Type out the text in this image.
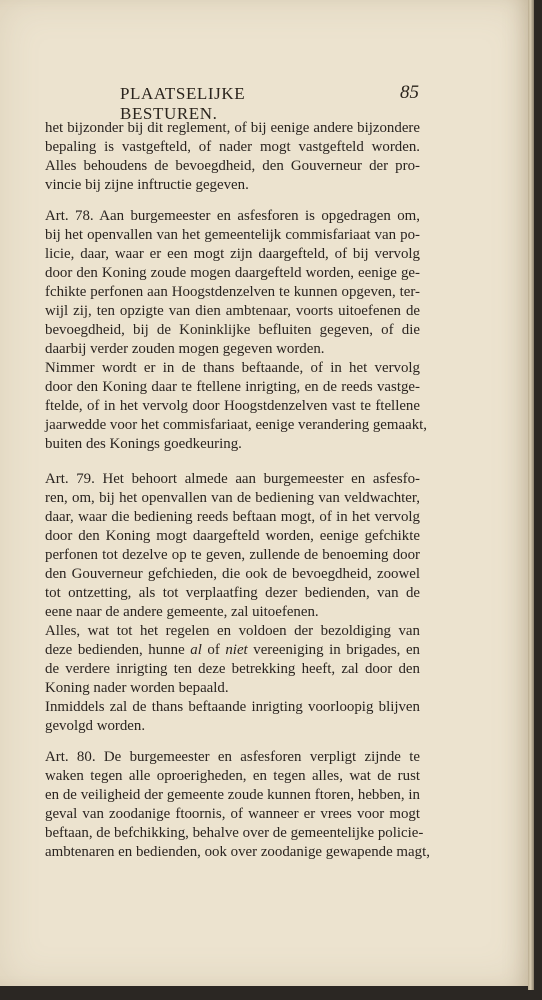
PLAATSELIJKE BESTUREN.
85
het bijzonder bij dit reglement, of bij eenige andere bijzondere
bepaling is vastgefteld, of nader mogt vastgefteld worden.
Alles behoudens de bevoegdheid, den Gouverneur der pro-
vincie bij zijne inftructie gegeven.
Art. 78. Aan burgemeester en asfesforen is opgedragen om,
bij het openvallen van het gemeentelijk commisfariaat van po-
licie, daar, waar er een mogt zijn daargefteld, of bij vervolg
door den Koning zoude mogen daargefteld worden, eenige ge-
fchikte perfonen aan Hoogstdenzelven te kunnen opgeven, ter-
wijl zij, ten opzigte van dien ambtenaar, voorts uitoefenen de
bevoegdheid, bij de Koninklijke befluiten gegeven, of die
daarbij verder zouden mogen gegeven worden.
Nimmer wordt er in de thans beftaande, of in het vervolg
door den Koning daar te ftellene inrigting, en de reeds vastge-
ftelde, of in het vervolg door Hoogstdenzelven vast te ftellene
jaarwedde voor het commisfariaat, eenige verandering gemaakt,
buiten des Konings goedkeuring.
Art. 79. Het behoort almede aan burgemeester en asfesfo-
ren, om, bij het openvallen van de bediening van veldwachter,
daar, waar die bediening reeds beftaan mogt, of in het vervolg
door den Koning mogt daargefteld worden, eenige gefchikte
perfonen tot dezelve op te geven, zullende de benoeming door
den Gouverneur gefchieden, die ook de bevoegdheid, zoowel
tot ontzetting, als tot verplaatfing dezer bedienden, van de
eene naar de andere gemeente, zal uitoefenen.
Alles, wat tot het regelen en voldoen der bezoldiging van
deze bedienden, hunne al of niet vereeniging in brigades, en
de verdere inrigting ten deze betrekking heeft, zal door den
Koning nader worden bepaald.
Inmiddels zal de thans beftaande inrigting voorloopig blijven
gevolgd worden.
Art. 80. De burgemeester en asfesforen verpligt zijnde te
waken tegen alle oproerigheden, en tegen alles, wat de rust
en de veiligheid der gemeente zoude kunnen ftoren, hebben, in
geval van zoodanige ftoornis, of wanneer er vrees voor mogt
beftaan, de befchikking, behalve over de gemeentelijke policie-
ambtenaren en bedienden, ook over zoodanige gewapende magt,
